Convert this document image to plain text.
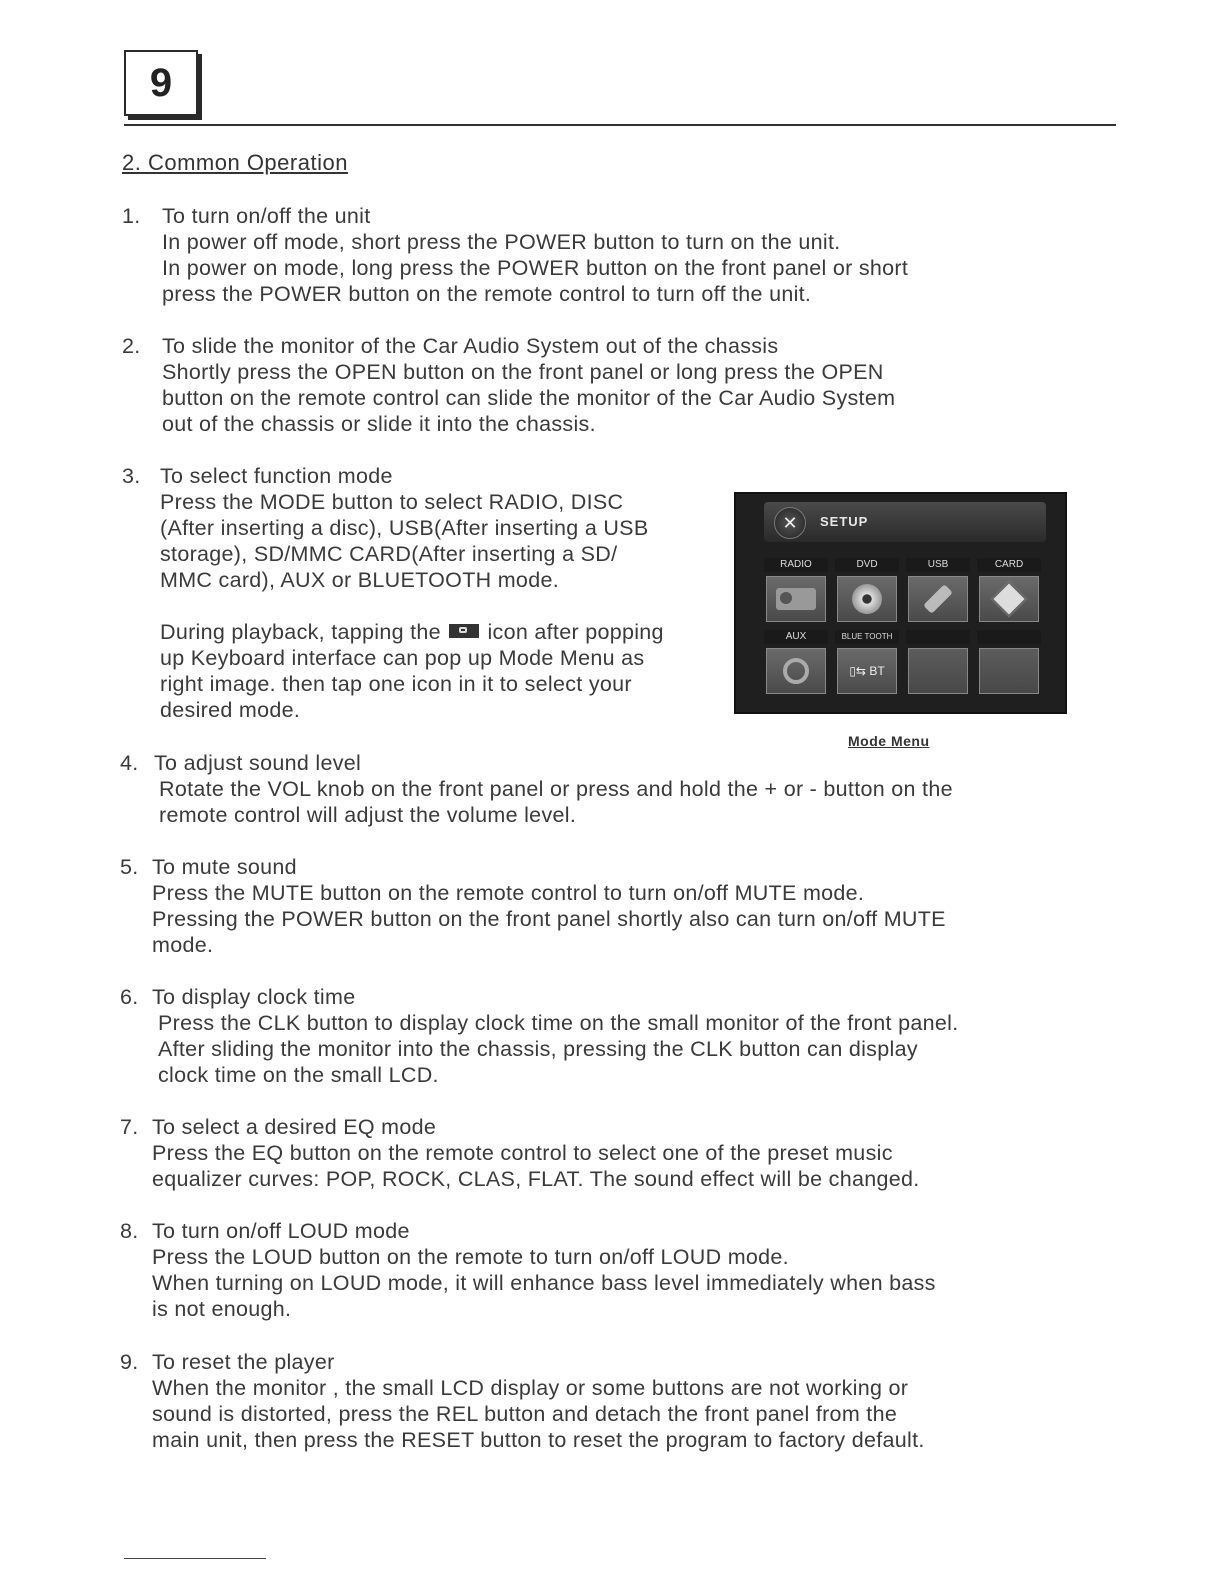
9
2. Common Operation
1. To turn on/off the unit

In power off mode, short press the POWER button to turn on the unit.

In power on mode, long press the POWER button on the front panel or short

press the POWER button on the remote control to turn off the unit.

2. To slide the monitor of the Car Audio System out of the chassis

Shortly press the OPEN button on the front panel or long press the OPEN

button on the remote control can slide the monitor of the Car Audio System

out of the chassis or slide it into the chassis.

3. To select function mode

Press the MODE button to select RADIO, DISC

(After inserting a disc), USB(After inserting a USB

storage), SD/MMC CARD(After inserting a SD/

MMC card), AUX or BLUETOOTH mode.

During playback, tapping the icon after popping

up Keyboard interface can pop up Mode Menu as

right image. then tap one icon in it to select your

desired mode.

✕	SETUP
RADIO	DVD	USB	CARD
AUX	BLUE TOOTH
▯⇆ BT
Mode Menu
4. To adjust sound level

Rotate the VOL knob on the front panel or press and hold the + or - button on the

remote control will adjust the volume level.

5. To mute sound

Press the MUTE button on the remote control to turn on/off MUTE mode.

Pressing the POWER button on the front panel shortly also can turn on/off MUTE

mode.

6. To display clock time

Press the CLK button to display clock time on the small monitor of the front panel.

After sliding the monitor into the chassis, pressing the CLK button can display

clock time on the small LCD.

7. To select a desired EQ mode

Press the EQ button on the remote control to select one of the preset music

equalizer curves: POP, ROCK, CLAS, FLAT. The sound effect will be changed.

8. To turn on/off LOUD mode

Press the LOUD button on the remote to turn on/off LOUD mode.

When turning on LOUD mode, it will enhance bass level immediately when bass

is not enough.

9. To reset the player

When the monitor , the small LCD display or some buttons are not working or

sound is distorted, press the REL button and detach the front panel from the

main unit, then press the RESET button to reset the program to factory default.
